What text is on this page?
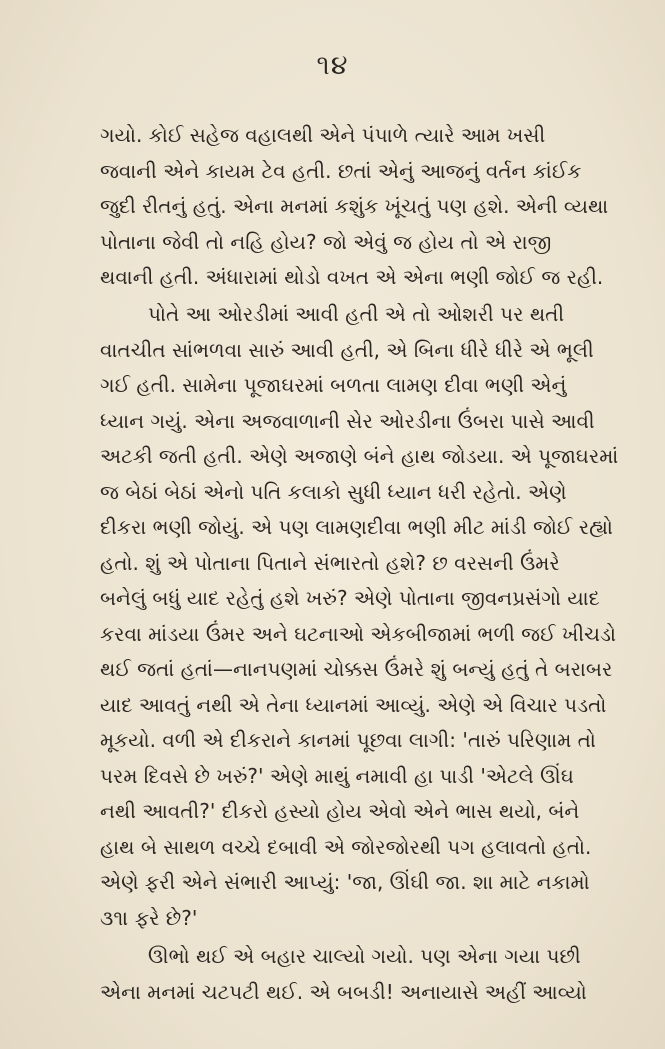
૧૪
ગયો. કોઈ સહેજ વહાલથી એને પંપાળે ત્યારે આમ ખસી
જવાની એને કાયમ ટેવ હતી. છતાં એનું આજનું વર્તન કાંઈક
જુદી રીતનું હતું. એના મનમાં કશુંક ખૂંચતું પણ હશે. એની વ્યથા
પોતાના જેવી તો નહિ હોય? જો એવું જ હોય તો એ રાજી
થવાની હતી. અંધારામાં થોડો વખત એ એના ભણી જોઈ જ રહી.
પોતે આ ઓરડીમાં આવી હતી એ તો ઓશરી પર થતી
વાતચીત સાંભળવા સારું આવી હતી, એ બિના ધીરે ધીરે એ ભૂલી
ગઈ હતી. સામેના પૂજાઘરમાં બળતા લામણ દીવા ભણી એનું
ધ્યાન ગયું. એના અજવાળાની સેર ઓરડીના ઉંબરા પાસે આવી
અટકી જતી હતી. એણે અજાણે બંને હાથ જોડયા. એ પૂજાઘરમાં
જ બેઠાં બેઠાં એનો પતિ કલાકો સુધી ધ્યાન ધરી રહેતો. એણે
દીકરા ભણી જોયું. એ પણ લામણદીવા ભણી મીટ માંડી જોઈ રહ્યો
હતો. શું એ પોતાના પિતાને સંભારતો હશે? છ વરસની ઉંમરે
બનેલું બધું યાદ રહેતું હશે ખરું? એણે પોતાના જીવનપ્રસંગો યાદ
કરવા માંડયા ઉંમર અને ઘટનાઓ એકબીજામાં ભળી જઈ ખીચડો
થઈ જતાં હતાં—નાનપણમાં ચોક્કસ ઉંમરે શું બન્યું હતું તે બરાબર
યાદ આવતું નથી એ તેના ધ્યાનમાં આવ્યું. એણે એ વિચાર પડતો
મૂકયો. વળી એ દીકરાને કાનમાં પૂછવા લાગી: 'તારું પરિણામ તો
પરમ દિવસે છે ખરું?' એણે માથું નમાવી હા પાડી 'એટલે ઊંઘ
નથી આવતી?' દીકરો હસ્યો હોય એવો એને ભાસ થયો, બંને
હાથ બે સાથળ વચ્ચે દબાવી એ જોરજોરથી પગ હલાવતો હતો.
એણે ફરી એને સંભારી આપ્યું: 'જા, ઊંઘી જા. શા માટે નકામો
૩૧। ફરે છે?'
ઊભો થઈ એ બહાર ચાલ્યો ગયો. પણ એના ગયા પછી
એના મનમાં ચટપટી થઈ. એ બબડી! અનાયાસે અહીં આવ્યો
